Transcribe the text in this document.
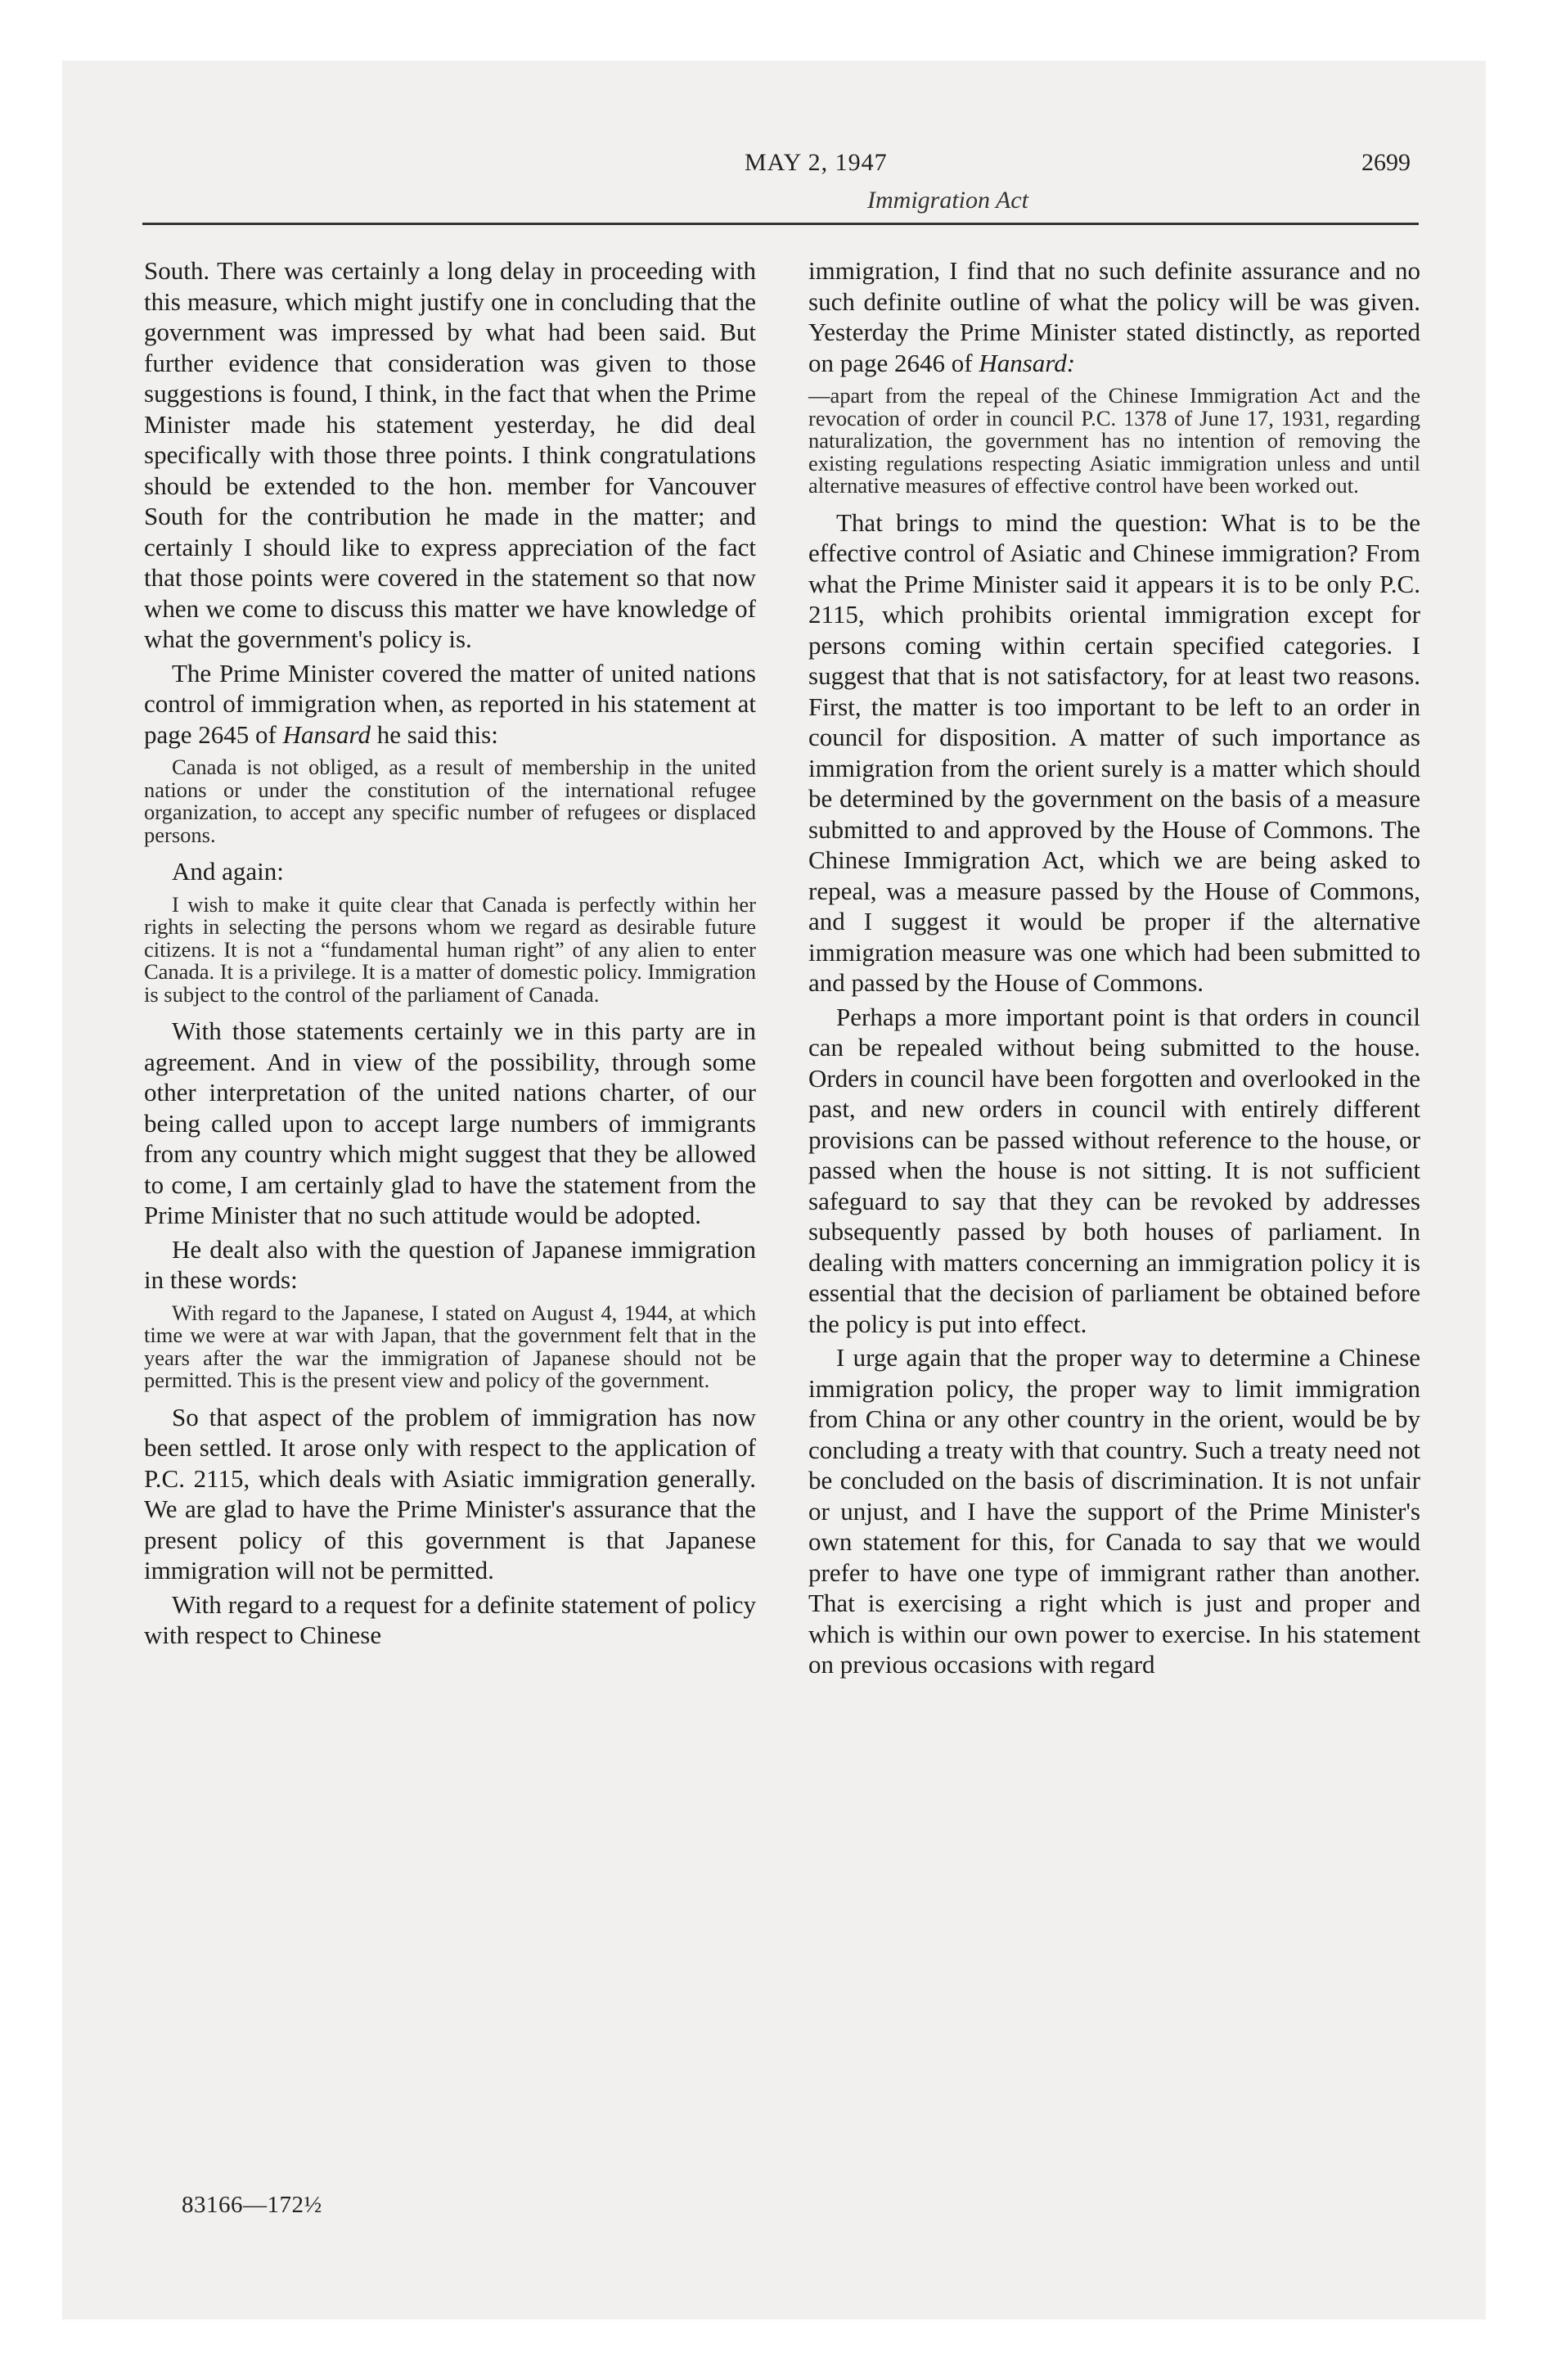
MAY 2, 1947	2699
Immigration Act

South. There was certainly a long delay in proceeding with this measure, which might justify one in concluding that the government was impressed by what had been said. But further evidence that consideration was given to those suggestions is found, I think, in the fact that when the Prime Minister made his statement yesterday, he did deal specifically with those three points. I think congratulations should be extended to the hon. member for Vancouver South for the contribution he made in the matter; and certainly I should like to express appreciation of the fact that those points were covered in the statement so that now when we come to discuss this matter we have knowledge of what the government's policy is.

The Prime Minister covered the matter of united nations control of immigration when, as reported in his statement at page 2645 of Hansard he said this:

Canada is not obliged, as a result of membership in the united nations or under the constitution of the international refugee organization, to accept any specific number of refugees or displaced persons.

And again:

I wish to make it quite clear that Canada is perfectly within her rights in selecting the persons whom we regard as desirable future citizens. It is not a “fundamental human right” of any alien to enter Canada. It is a privilege. It is a matter of domestic policy. Immigration is subject to the control of the parliament of Canada.

With those statements certainly we in this party are in agreement. And in view of the possibility, through some other interpretation of the united nations charter, of our being called upon to accept large numbers of immigrants from any country which might suggest that they be allowed to come, I am certainly glad to have the statement from the Prime Minister that no such attitude would be adopted.

He dealt also with the question of Japanese immigration in these words:

With regard to the Japanese, I stated on August 4, 1944, at which time we were at war with Japan, that the government felt that in the years after the war the immigration of Japanese should not be permitted. This is the present view and policy of the government.

So that aspect of the problem of immigration has now been settled. It arose only with respect to the application of P.C. 2115, which deals with Asiatic immigration generally. We are glad to have the Prime Minister's assurance that the present policy of this government is that Japanese immigration will not be permitted.

With regard to a request for a definite statement of policy with respect to Chinese

immigration, I find that no such definite assurance and no such definite outline of what the policy will be was given. Yesterday the Prime Minister stated distinctly, as reported on page 2646 of Hansard:

—apart from the repeal of the Chinese Immigration Act and the revocation of order in council P.C. 1378 of June 17, 1931, regarding naturalization, the government has no intention of removing the existing regulations respecting Asiatic immigration unless and until alternative measures of effective control have been worked out.

That brings to mind the question: What is to be the effective control of Asiatic and Chinese immigration? From what the Prime Minister said it appears it is to be only P.C. 2115, which prohibits oriental immigration except for persons coming within certain specified categories. I suggest that that is not satisfactory, for at least two reasons. First, the matter is too important to be left to an order in council for disposition. A matter of such importance as immigration from the orient surely is a matter which should be determined by the government on the basis of a measure submitted to and approved by the House of Commons. The Chinese Immigration Act, which we are being asked to repeal, was a measure passed by the House of Commons, and I suggest it would be proper if the alternative immigration measure was one which had been submitted to and passed by the House of Commons.

Perhaps a more important point is that orders in council can be repealed without being submitted to the house. Orders in council have been forgotten and overlooked in the past, and new orders in council with entirely different provisions can be passed without reference to the house, or passed when the house is not sitting. It is not sufficient safeguard to say that they can be revoked by addresses subsequently passed by both houses of parliament. In dealing with matters concerning an immigration policy it is essential that the decision of parliament be obtained before the policy is put into effect.

I urge again that the proper way to determine a Chinese immigration policy, the proper way to limit immigration from China or any other country in the orient, would be by concluding a treaty with that country. Such a treaty need not be concluded on the basis of discrimination. It is not unfair or unjust, and I have the support of the Prime Minister's own statement for this, for Canada to say that we would prefer to have one type of immigrant rather than another. That is exercising a right which is just and proper and which is within our own power to exercise. In his statement on previous occasions with regard

83166—172½
